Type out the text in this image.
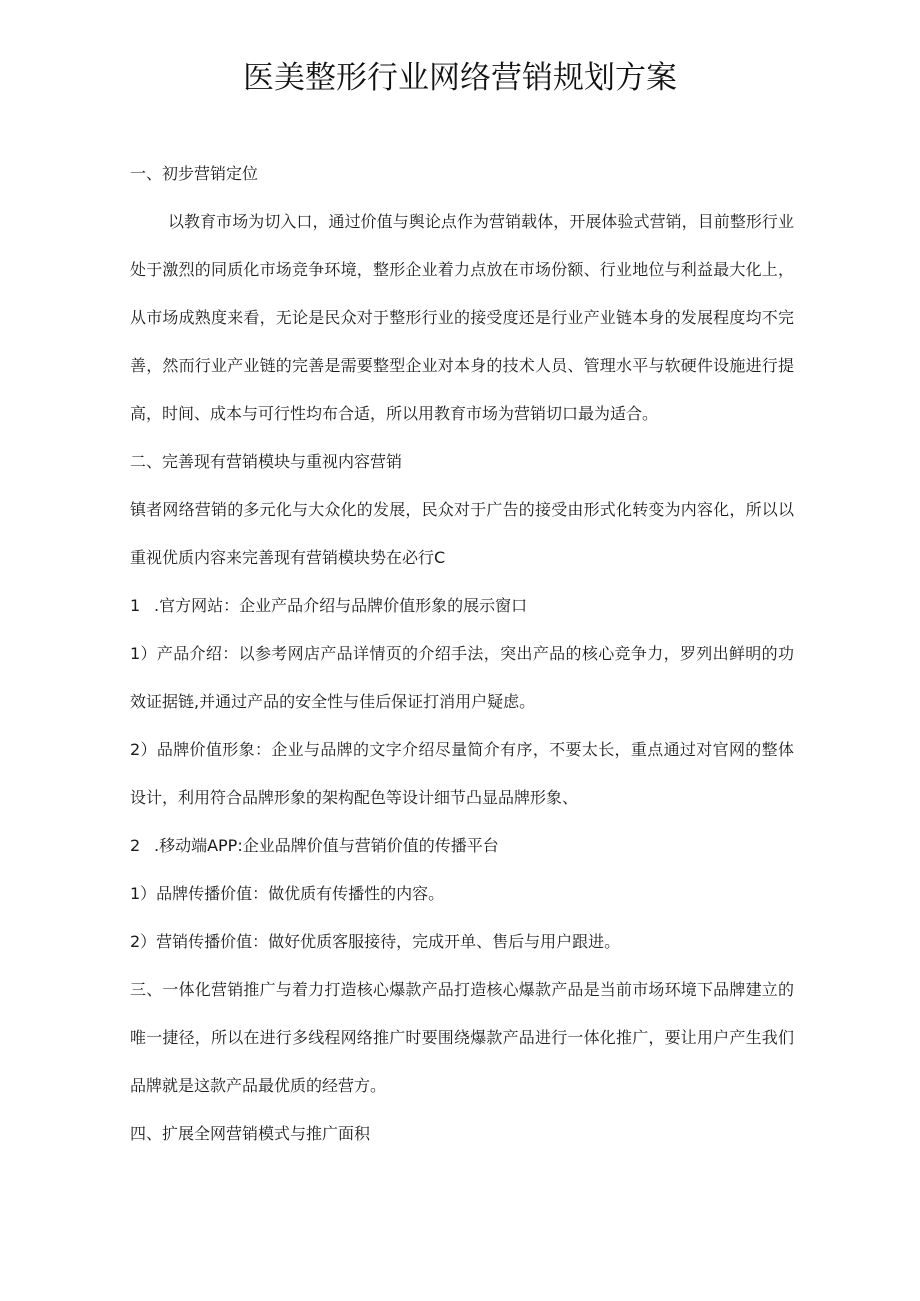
医美整形行业网络营销规划方案

一、初步营销定位

以教育市场为切入口，通过价值与舆论点作为营销载体，开展体验式营销，目前整形行业处于激烈的同质化市场竞争环境，整形企业着力点放在市场份额、行业地位与利益最大化上，从市场成熟度来看，无论是民众对于整形行业的接受度还是行业产业链本身的发展程度均不完善，然而行业产业链的完善是需要整型企业对本身的技术人员、管理水平与软硬件设施进行提高，时间、成本与可行性均布合适，所以用教育市场为营销切口最为适合。

二、完善现有营销模块与重视内容营销

镇者网络营销的多元化与大众化的发展，民众对于广告的接受由形式化转变为内容化，所以以重视优质内容来完善现有营销模块势在必行C

1 .官方网站：企业产品介绍与品牌价值形象的展示窗口

1）产品介绍：以参考网店产品详情页的介绍手法，突出产品的核心竞争力，罗列出鲜明的功效证据链,并通过产品的安全性与佳后保证打消用户疑虑。

2）品牌价值形象：企业与品牌的文字介绍尽量简介有序，不要太长，重点通过对官网的整体设计，利用符合品牌形象的架构配色等设计细节凸显品牌形象、

2 .移动端APP:企业品牌价值与营销价值的传播平台

1）品牌传播价值：做优质有传播性的内容。

2）营销传播价值：做好优质客服接待，完成开单、售后与用户跟进。

三、一体化营销推广与着力打造核心爆款产品打造核心爆款产品是当前市场环境下品牌建立的唯一捷径，所以在进行多线程网络推广时要围绕爆款产品进行一体化推广，要让用户产生我们品牌就是这款产品最优质的经营方。

四、扩展全网营销模式与推广面积
